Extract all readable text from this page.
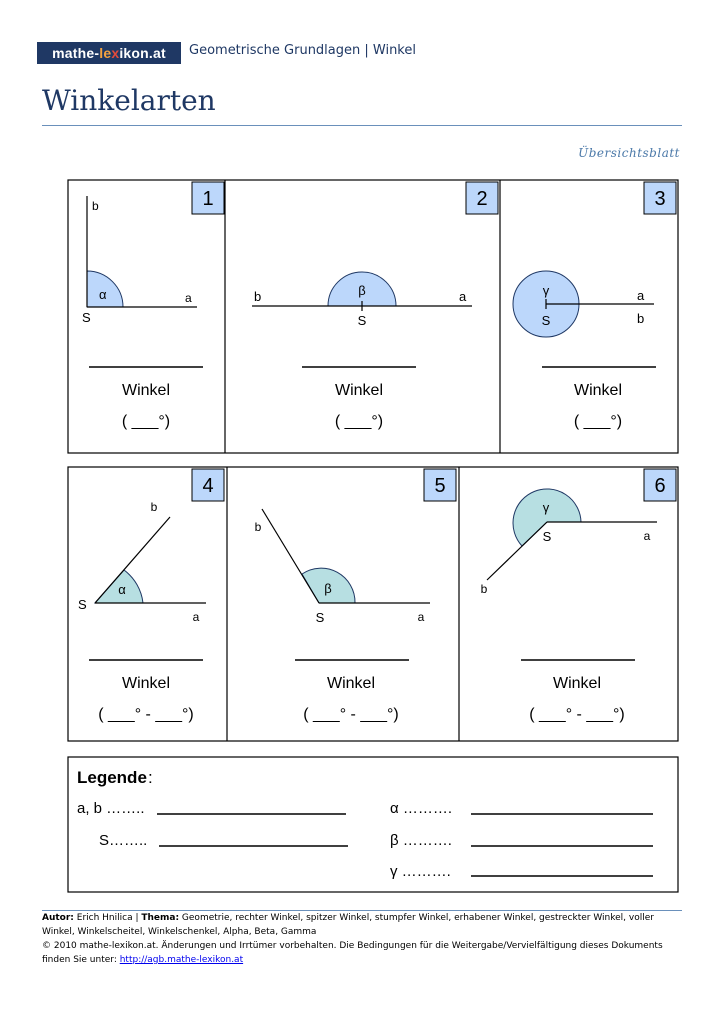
mathe-lexikon.at	Geometrische Grundlagen | Winkel
Winkelarten
Übersichtsblatt
1
α
b
a
S
Winkel
( ___°)
2
β
b	a
S
Winkel
( ___°)
3
γ
S
a
b
Winkel
( ___°)
4
α
b
a
S
Winkel
( ___° - ___°)
5
β
b
a
S
Winkel
( ___° - ___°)
6
γ
S	a
b
Winkel
( ___° - ___°)
Legende :
a, b ……..
S……..
α ……….
β ……….
γ ……….
Autor: Erich Hnilica | Thema: Geometrie, rechter Winkel, spitzer Winkel, stumpfer Winkel, erhabener Winkel, gestreckter Winkel, voller Winkel, Winkelscheitel, Winkelschenkel, Alpha, Beta, Gamma
© 2010 mathe-lexikon.at. Änderungen und Irrtümer vorbehalten. Die Bedingungen für die Weitergabe/Vervielfältigung dieses Dokuments finden Sie unter: http://agb.mathe-lexikon.at
